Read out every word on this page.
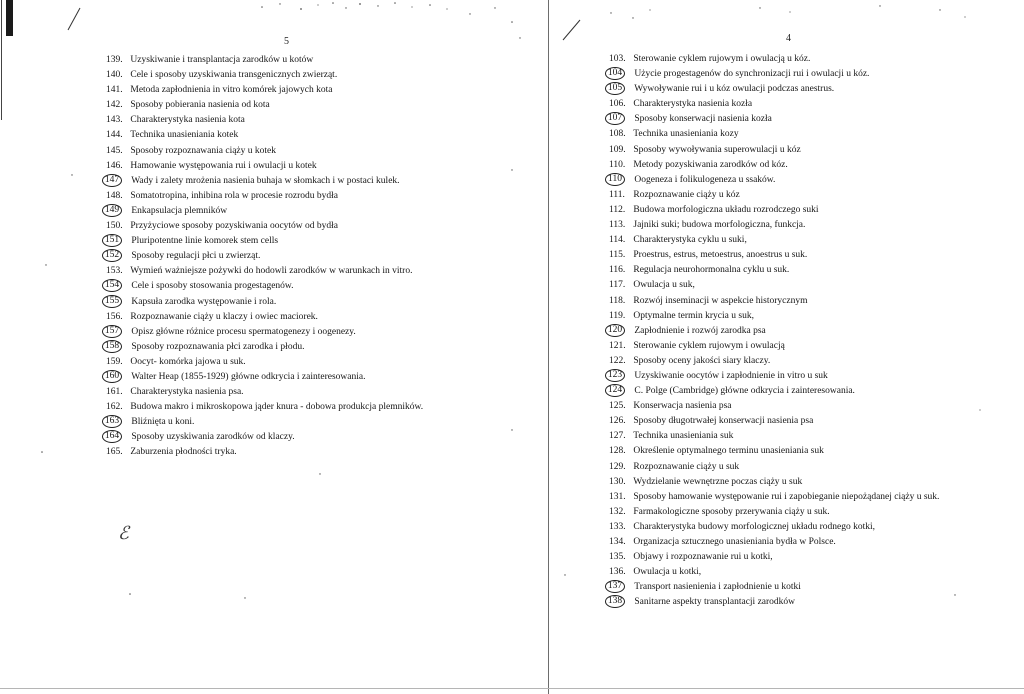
5	4
139. Uzyskiwanie i transplantacja zarodków u kotów
140. Cele i sposoby uzyskiwania transgenicznych zwierząt.
141. Metoda zapłodnienia in vitro komórek jajowych kota
142. Sposoby pobierania nasienia od kota
143. Charakterystyka nasienia kota
144. Technika unasieniania kotek
145. Sposoby rozpoznawania ciąży u kotek
146. Hamowanie występowania rui i owulacji u kotek
147 Wady i zalety mrożenia nasienia buhaja w słomkach i w postaci kulek.
148. Somatotropina, inhibina rola w procesie rozrodu bydła
149 Enkapsulacja plemników
150. Przyżyciowe sposoby pozyskiwania oocytów od bydła
151 Pluripotentne linie komorek stem cells
152 Sposoby regulacji płci u zwierząt.
153. Wymień ważniejsze pożywki do hodowli zarodków w warunkach in vitro.
154 Cele i sposoby stosowania progestagenów.
155 Kapsuła zarodka występowanie i rola.
156. Rozpoznawanie ciąży u klaczy i owiec maciorek.
157 Opisz główne różnice procesu spermatogenezy i oogenezy.
158 Sposoby rozpoznawania płci zarodka i płodu.
159. Oocyt- komórka jajowa u suk.
160 Walter Heap (1855-1929) główne odkrycia i zainteresowania.
161. Charakterystyka nasienia psa.
162. Budowa makro i mikroskopowa jąder knura - dobowa produkcja plemników.
163 Bliźnięta u koni.
164 Sposoby uzyskiwania zarodków od klaczy.
165. Zaburzenia płodności tryka.
103. Sterowanie cyklem rujowym i owulacją u kóz.
104 Użycie progestagenów do synchronizacji rui i owulacji u kóz.
105 Wywoływanie rui i u kóz owulacji podczas anestrus.
106. Charakterystyka nasienia kozła
107 Sposoby konserwacji nasienia kozła
108. Technika unasieniania kozy
109. Sposoby wywoływania superowulacji u kóz
110. Metody pozyskiwania zarodków od kóz.
110 Oogeneza i folikulogeneza u ssaków.
111. Rozpoznawanie ciąży u kóz
112. Budowa morfologiczna układu rozrodczego suki
113. Jajniki suki; budowa morfologiczna, funkcja.
114. Charakterystyka cyklu u suki,
115. Proestrus, estrus, metoestrus, anoestrus u suk.
116. Regulacja neurohormonalna cyklu u suk.
117. Owulacja u suk,
118. Rozwój inseminacji w aspekcie historycznym
119. Optymalne termin krycia u suk,
120 Zapłodnienie i rozwój zarodka psa
121. Sterowanie cyklem rujowym i owulacją
122. Sposoby oceny jakości siary klaczy.
123 Uzyskiwanie oocytów i zapłodnienie in vitro u suk
124 C. Polge (Cambridge) główne odkrycia i zainteresowania.
125. Konserwacja nasienia psa
126. Sposoby długotrwałej konserwacji nasienia psa
127. Technika unasieniania suk
128. Określenie optymalnego terminu unasieniania suk
129. Rozpoznawanie ciąży u suk
130. Wydzielanie wewnętrzne poczas ciąży u suk
131. Sposoby hamowanie występowanie rui i zapobieganie niepożądanej ciąży u suk.
132. Farmakologiczne sposoby przerywania ciąży u suk.
133. Charakterystyka budowy morfologicznej układu rodnego kotki,
134. Organizacja sztucznego unasieniania bydła w Polsce.
135. Objawy i rozpoznawanie rui u kotki,
136. Owulacja u kotki,
137 Transport nasienienia i zapłodnienie u kotki
138 Sanitarne aspekty transplantacji zarodków
ℰ
